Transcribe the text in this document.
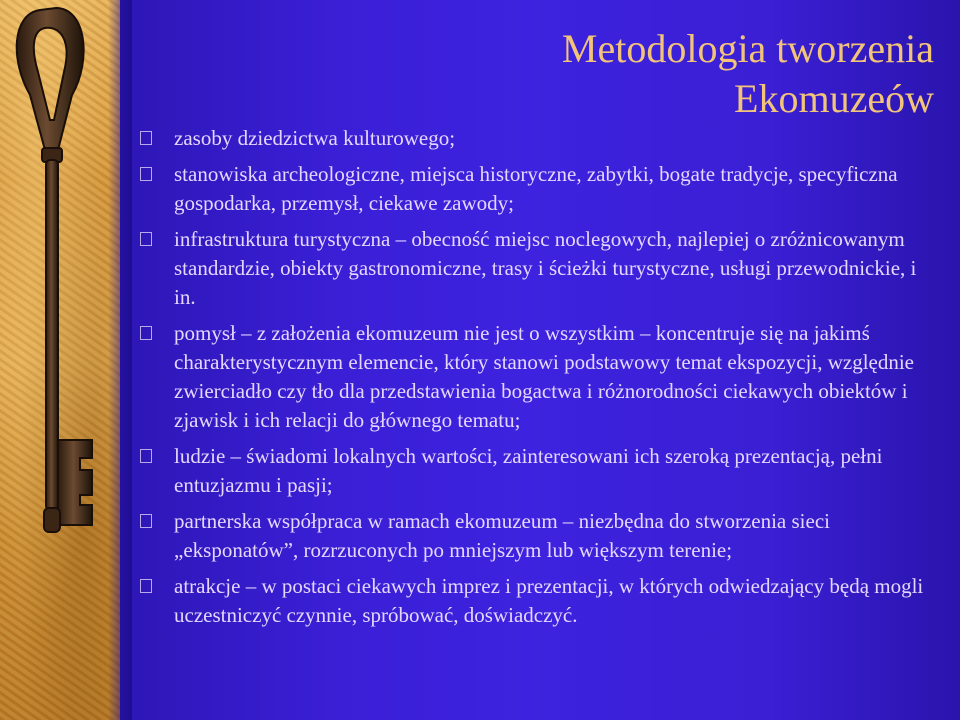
Metodologia tworzenia
Ekomuzeów
zasoby dziedzictwa kulturowego;
stanowiska archeologiczne, miejsca historyczne, zabytki, bogate tradycje, specyficzna gospodarka, przemysł, ciekawe zawody;
infrastruktura turystyczna – obecność miejsc noclegowych, najlepiej o zróżnicowanym standardzie, obiekty gastronomiczne, trasy i ścieżki turystyczne, usługi przewodnickie, i in.
pomysł – z założenia ekomuzeum nie jest o wszystkim – koncentruje się na jakimś charakterystycznym elemencie, który stanowi podstawowy temat ekspozycji, względnie zwierciadło czy tło dla przedstawienia bogactwa i różnorodności ciekawych obiektów i zjawisk i ich relacji do głównego tematu;
ludzie – świadomi lokalnych wartości, zainteresowani ich szeroką prezentacją, pełni entuzjazmu i pasji;
partnerska współpraca w ramach ekomuzeum – niezbędna do stworzenia sieci „eksponatów”, rozrzuconych po mniejszym lub większym terenie;
atrakcje – w postaci ciekawych imprez i prezentacji, w których odwiedzający będą mogli uczestniczyć czynnie, spróbować, doświadczyć.
